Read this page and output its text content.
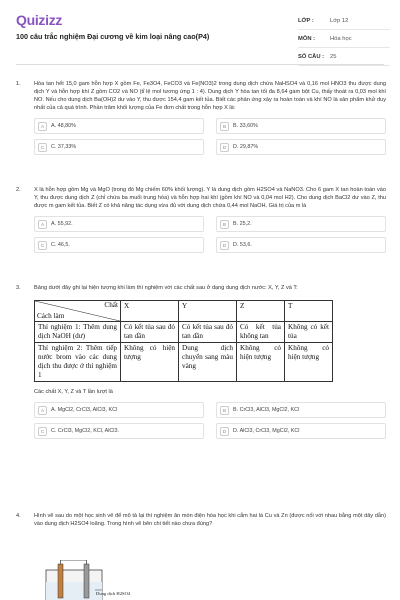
Quizizz
100 câu trắc nghiệm Đại cương về kim loại nâng cao(P4)
LỚP :	Lớp 12
MÔN :	Hóa học
SỐ CÂU :	25
1.	Hòa tan hết 15,0 gam hỗn hợp X gồm Fe, Fe3O4, FeCO3 và Fe(NO3)2 trong dung dịch chứa NaHSO4 và 0,16 mol HNO3 thu được dung dịch Y và hỗn hợp khí Z gồm CO2 và NO (tỉ lệ mol tương ứng 1 : 4). Dung dịch Y hòa tan tối đa 8,64 gam bột Cu, thấy thoát ra 0,03 mol khí NO. Nếu cho dung dịch Ba(OH)2 dư vào Y, thu được 154,4 gam kết tủa. Biết các phản ứng xảy ra hoàn toàn và khí NO là sản phẩm khử duy nhất của cả quá trình. Phần trăm khối lượng của Fe đơn chất trong hỗn hợp X là:
A	A. 48,80%	B	B. 33,60%
C	C. 37,33%	D	D. 29,87%
2.	X là hỗn hợp gồm Mg và MgO (trong đó Mg chiếm 60% khối lượng). Y là dung dịch gồm H2SO4 và NaNO3. Cho 6 gam X tan hoàn toàn vào Y, thu được dung dịch Z (chỉ chứa ba muối trung hòa) và hỗn hợp hai khí (gồm khí NO và 0,04 mol H2). Cho dung dịch BaCl2 dư vào Z, thu được m gam kết tủa. Biết Z có khả năng tác dụng vừa đủ với dung dịch chứa 0,44 mol NaOH. Giá trị của m là
A	A. 55,92.	B	B. 25,2.
C	C. 46,5.	D	D. 53,6.
3.	Bảng dưới đây ghi lại hiện tượng khi làm thí nghiệm với các chất sau ở dạng dung dịch nước: X, Y, Z và T:
Chất
Cách làm	X	Y	Z	T
Thí nghiệm 1: Thêm dung dịch NaOH (dư)	Có kết tủa sau đó tan dần	Có kết tủa sau đó tan dần	Có kết tủa không tan	Không có kết tủa
Thí nghiệm 2: Thêm tiếp nước brom vào các dung dịch thu được ở thí nghiệm 1	Không có hiện tượng	Dung dịch chuyển sang màu vàng	Không có hiện tượng	Không có hiện tượng
Các chất X, Y, Z và T lần lượt là
A	A. MgCl2, CrCl3, AlCl3, KCl	B	B. CrCl3, AlCl3, MgCl2, KCl
C	C. CrCl3, MgCl2, KCl, AlCl3.	D	D. AlCl3, CrCl3, MgCl2, KCl
4.	Hình vẽ sau do một học sinh vẽ để mô tả lại thí nghiệm ăn mòn điện hóa học khi cắm hai lá Cu và Zn (được nối với nhau bằng một dây dẫn) vào dung dịch H2SO4 loãng. Trong hình vẽ bên chi tiết nào chưa đúng?
Dung dịch H2SO4
